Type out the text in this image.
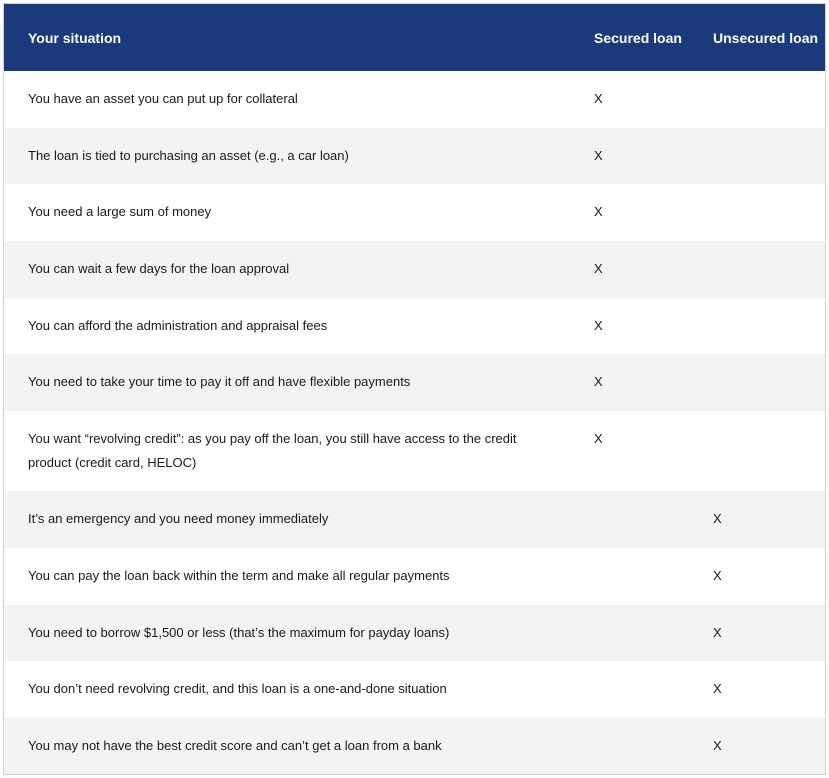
Your situation	Secured loan	Unsecured loan
You have an asset you can put up for collateral	X	
The loan is tied to purchasing an asset (e.g., a car loan)	X	
You need a large sum of money	X	
You can wait a few days for the loan approval	X	
You can afford the administration and appraisal fees	X	
You need to take your time to pay it off and have flexible payments	X	
You want “revolving credit”: as you pay off the loan, you still have access to the credit product (credit card, HELOC)	X	
It’s an emergency and you need money immediately		X
You can pay the loan back within the term and make all regular payments		X
You need to borrow $1,500 or less (that’s the maximum for payday loans)		X
You don’t need revolving credit, and this loan is a one-and-done situation		X
You may not have the best credit score and can’t get a loan from a bank		X
